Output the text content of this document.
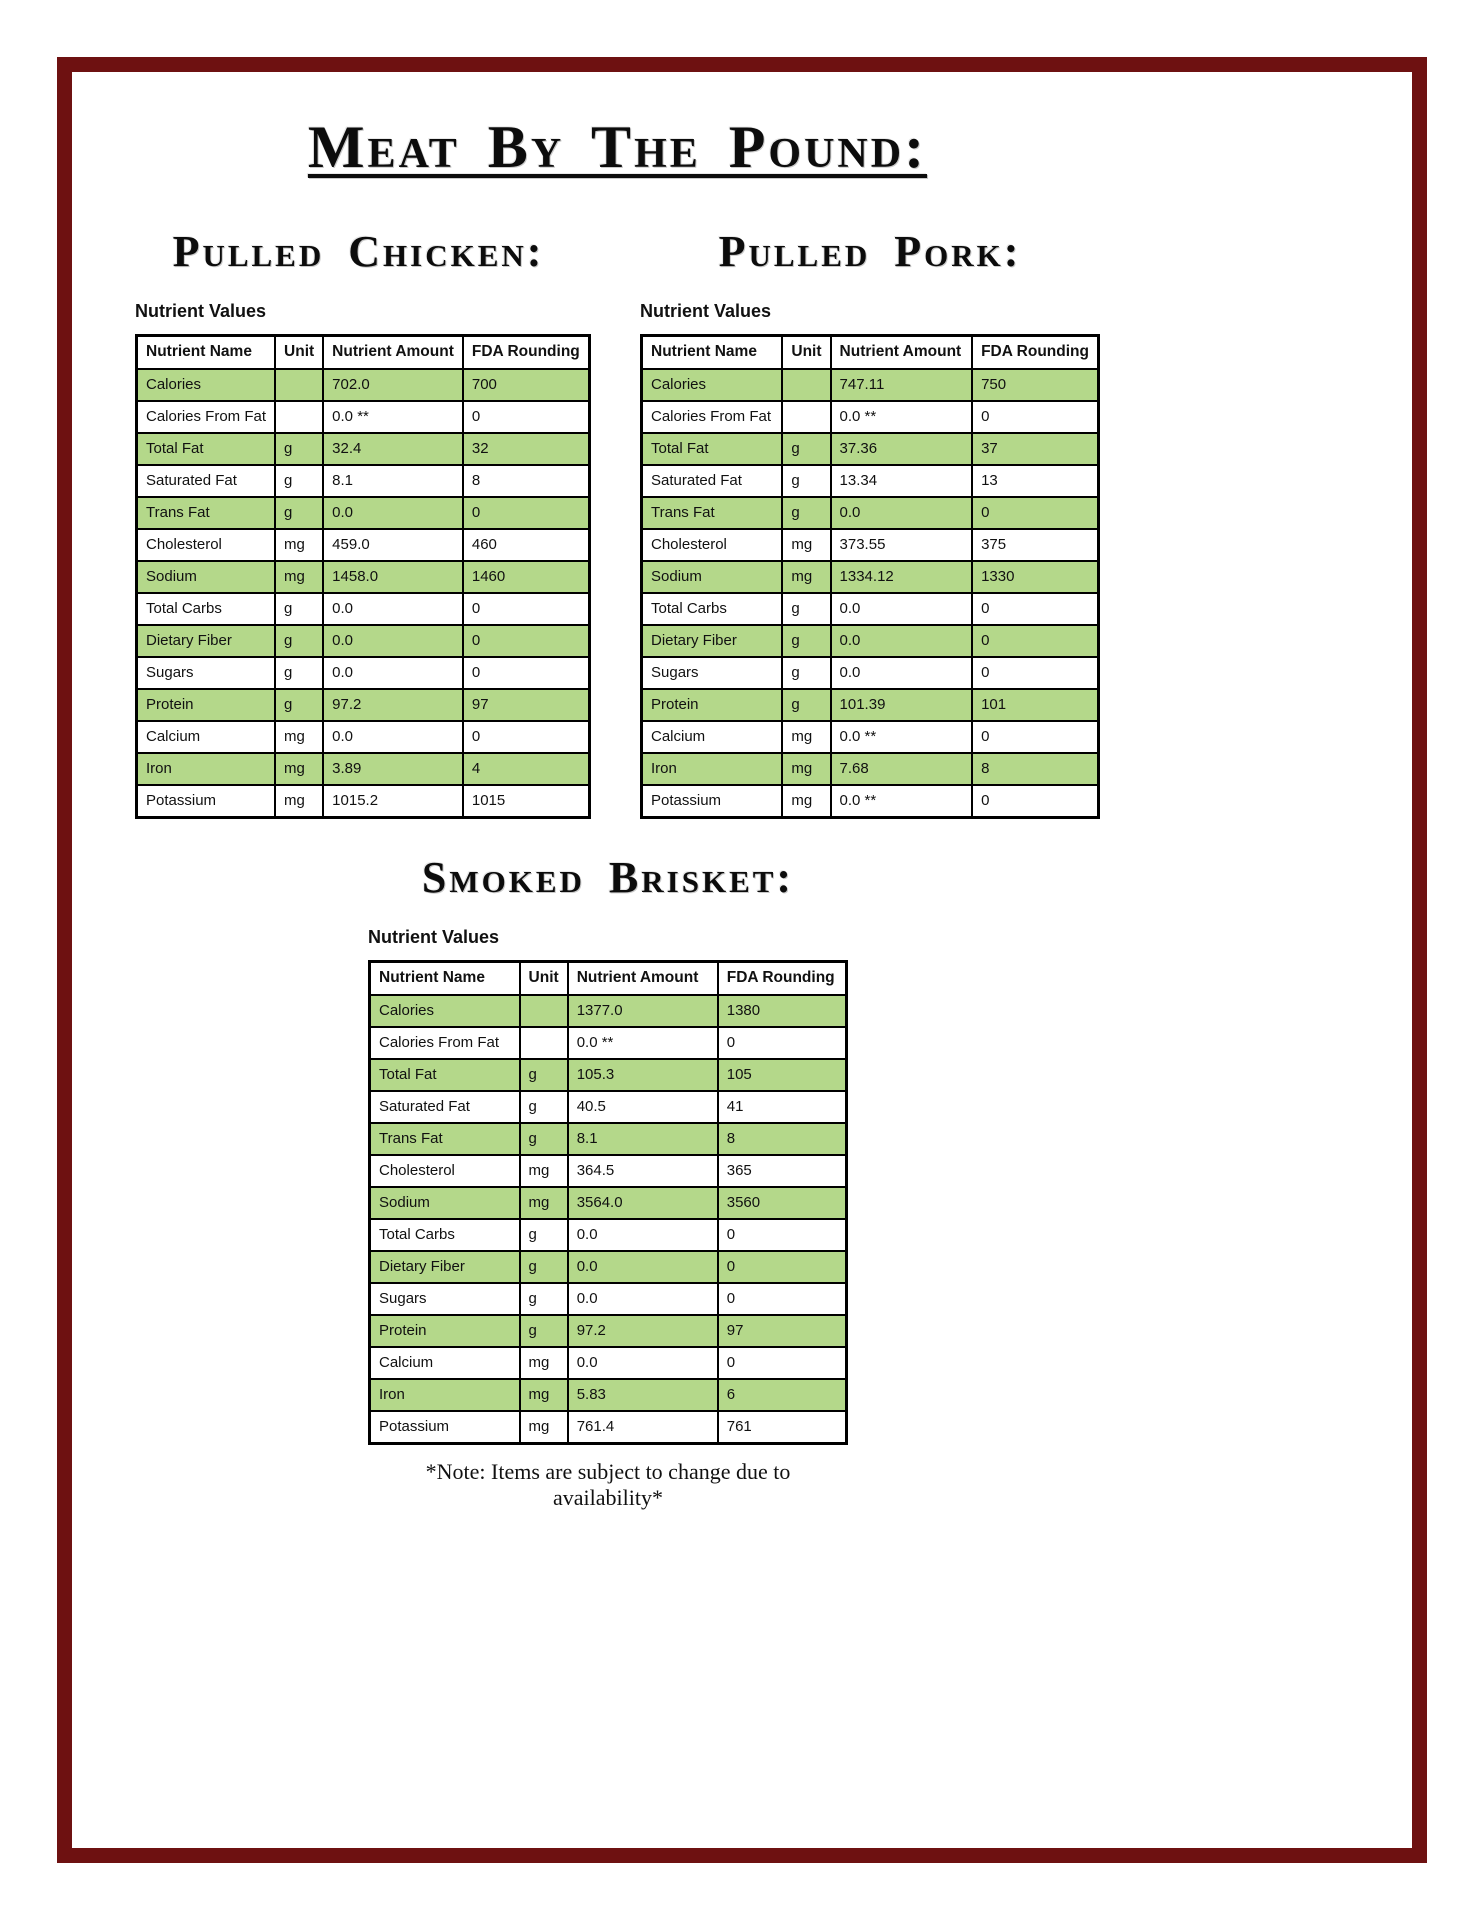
Meat By The Pound:
Pulled Chicken:
Nutrient Values
Nutrient Name	Unit	Nutrient Amount	FDA Rounding
Calories		702.0	700
Calories From Fat		0.0 **	0
Total Fat	g	32.4	32
Saturated Fat	g	8.1	8
Trans Fat	g	0.0	0
Cholesterol	mg	459.0	460
Sodium	mg	1458.0	1460
Total Carbs	g	0.0	0
Dietary Fiber	g	0.0	0
Sugars	g	0.0	0
Protein	g	97.2	97
Calcium	mg	0.0	0
Iron	mg	3.89	4
Potassium	mg	1015.2	1015
Pulled Pork:
Nutrient Values
Nutrient Name	Unit	Nutrient Amount	FDA Rounding
Calories		747.11	750
Calories From Fat		0.0 **	0
Total Fat	g	37.36	37
Saturated Fat	g	13.34	13
Trans Fat	g	0.0	0
Cholesterol	mg	373.55	375
Sodium	mg	1334.12	1330
Total Carbs	g	0.0	0
Dietary Fiber	g	0.0	0
Sugars	g	0.0	0
Protein	g	101.39	101
Calcium	mg	0.0 **	0
Iron	mg	7.68	8
Potassium	mg	0.0 **	0
Smoked Brisket:
Nutrient Values
Nutrient Name	Unit	Nutrient Amount	FDA Rounding
Calories		1377.0	1380
Calories From Fat		0.0 **	0
Total Fat	g	105.3	105
Saturated Fat	g	40.5	41
Trans Fat	g	8.1	8
Cholesterol	mg	364.5	365
Sodium	mg	3564.0	3560
Total Carbs	g	0.0	0
Dietary Fiber	g	0.0	0
Sugars	g	0.0	0
Protein	g	97.2	97
Calcium	mg	0.0	0
Iron	mg	5.83	6
Potassium	mg	761.4	761
*Note: Items are subject to change due to availability*
